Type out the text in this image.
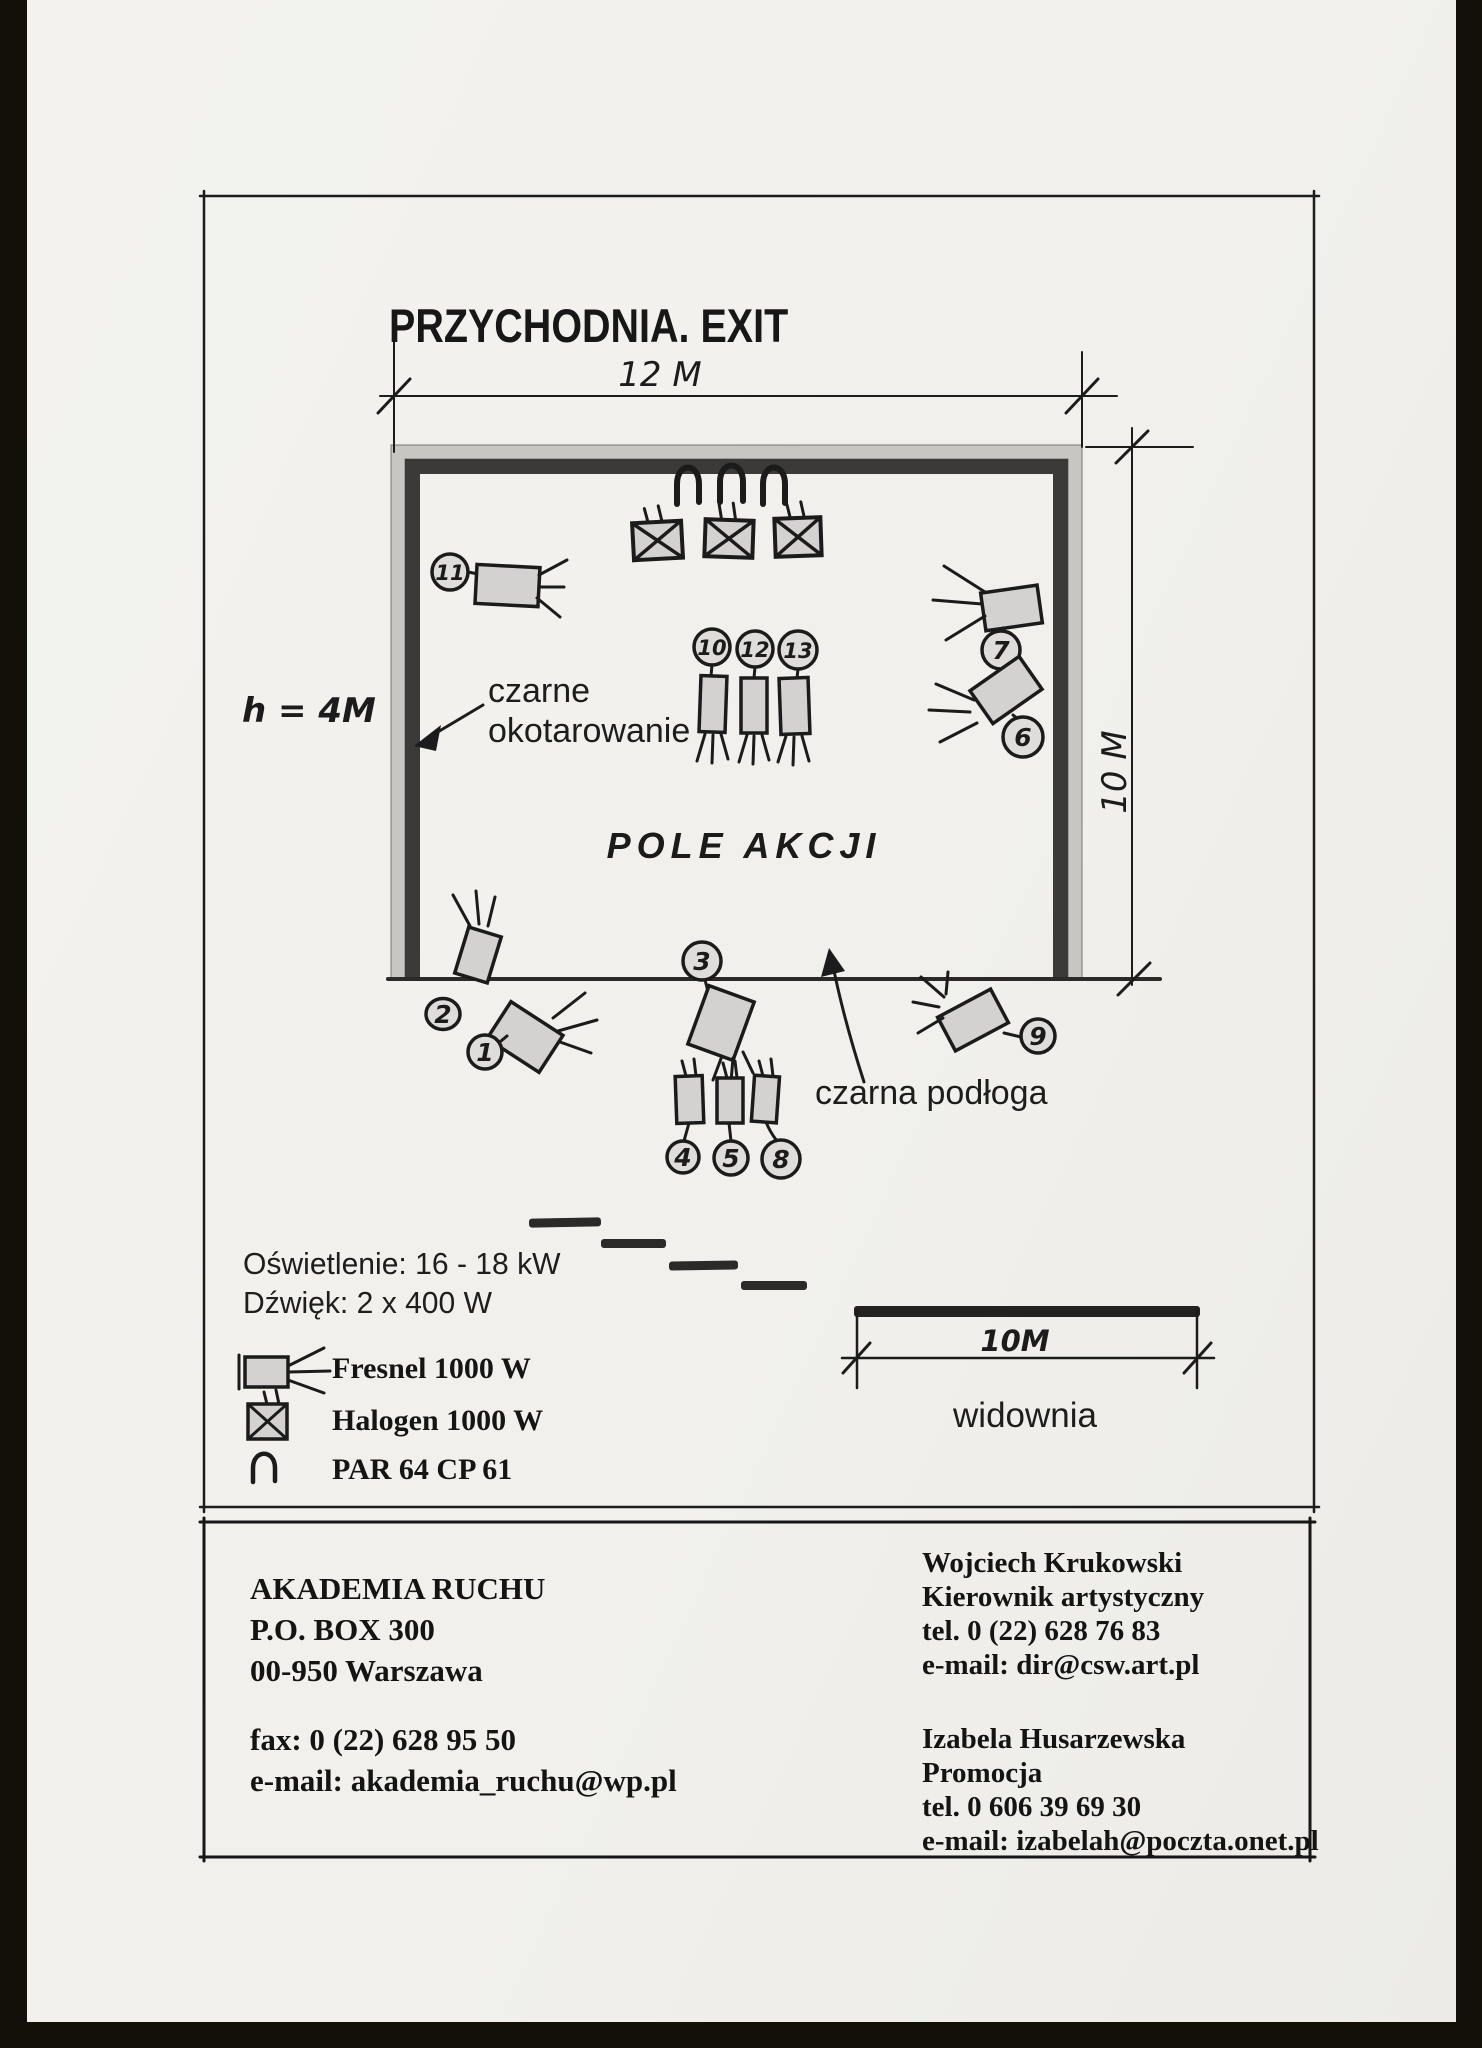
12 M
10 M
h = 4M	czarne
okotarowanie
POLE AKCJI
czarna podłoga
11
10 12 13	7
6
2
1
3
4 5 8
9
10M
widownia
PRZYCHODNIA. EXIT
Oświetlenie: 16 - 18 kW
Dźwięk: 2 x 400 W
Fresnel 1000 W
Halogen 1000 W
PAR 64 CP 61
AKADEMIA RUCHU
P.O. BOX 300
00-950 Warszawa
fax: 0 (22) 628 95 50
e-mail: akademia_ruchu@wp.pl
Wojciech Krukowski
Kierownik artystyczny
tel. 0 (22) 628 76 83
e-mail: dir@csw.art.pl
Izabela Husarzewska
Promocja
tel. 0 606 39 69 30
e-mail: izabelah@poczta.onet.pl
